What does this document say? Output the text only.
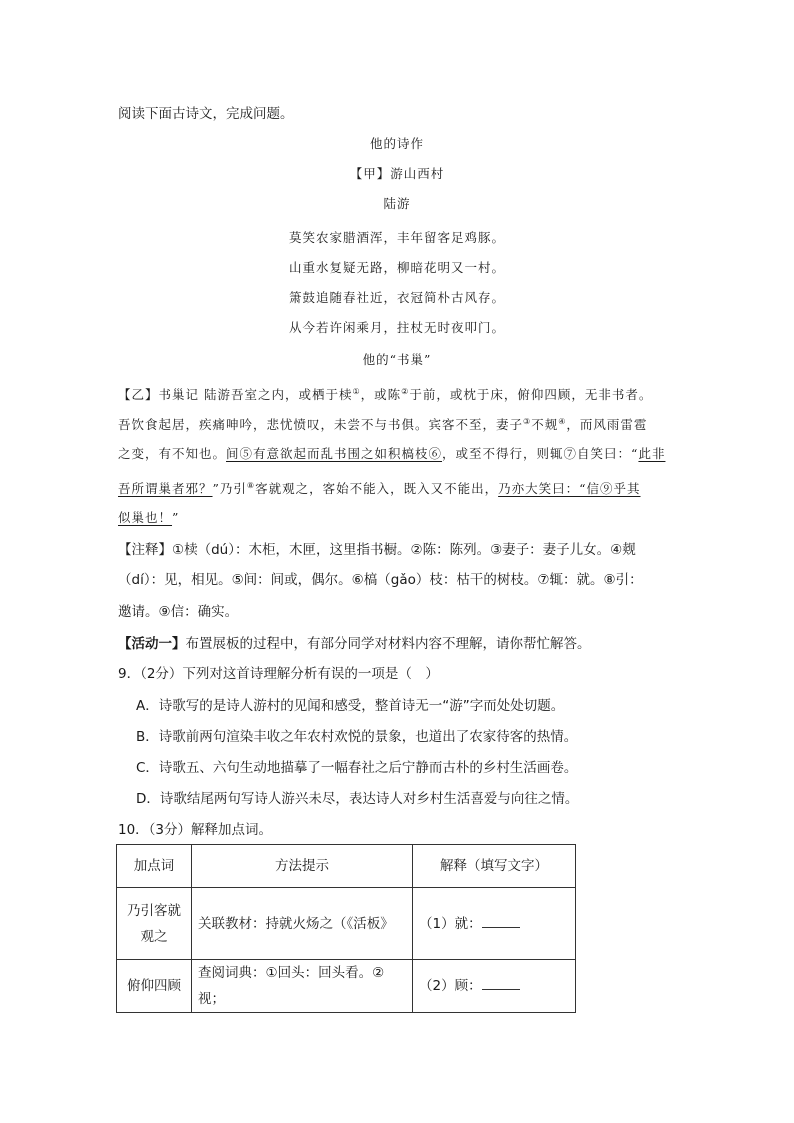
阅读下面古诗文，完成问题。
他的诗作
【甲】游山西村
陆游
莫笑农家腊酒浑，丰年留客足鸡豚。
山重水复疑无路，柳暗花明又一村。
箫鼓追随春社近，衣冠简朴古风存。
从今若许闲乘月，拄杖无时夜叩门。
他的“书巢”
【乙】书巢记 陆游吾室之内，或栖于椟①，或陈②于前，或枕于床，俯仰四顾，无非书者。
吾饮食起居，疾痛呻吟，悲忧愤叹，未尝不与书俱。宾客不至，妻子③不觌④，而风雨雷雹
之变，有不知也。间⑤有意欲起而乱书围之如积槁枝⑥，或至不得行，则辄⑦自笑曰：“此非
吾所谓巢者邪？”乃引⑧客就观之，客始不能入，既入又不能出，乃亦大笑曰：“信⑨乎其
似巢也！”
【注释】①椟（dú）：木柜，木匣，这里指书橱。②陈：陈列。③妻子：妻子儿女。④觌
（dí）：见，相见。⑤间：间或，偶尔。⑥槁（gǎo）枝：枯干的树枝。⑦辄：就。⑧引：
邀请。⑨信：确实。
【活动一】布置展板的过程中，有部分同学对材料内容不理解，请你帮忙解答。
9．（2分）下列对这首诗理解分析有误的一项是（　）
A．诗歌写的是诗人游村的见闻和感受，整首诗无一“游”字而处处切题。
B．诗歌前两句渲染丰收之年农村欢悦的景象，也道出了农家待客的热情。
C．诗歌五、六句生动地描摹了一幅春社之后宁静而古朴的乡村生活画卷。
D．诗歌结尾两句写诗人游兴未尽，表达诗人对乡村生活喜爱与向往之情。
10．（3分）解释加点词。
加点词	方法提示	解释（填写文字）
乃引客就观之	关联教材：持就火炀之（《活板》	（1）就：
俯仰四顾	查阅词典：①回头：回头看。②视；	（2）顾：
